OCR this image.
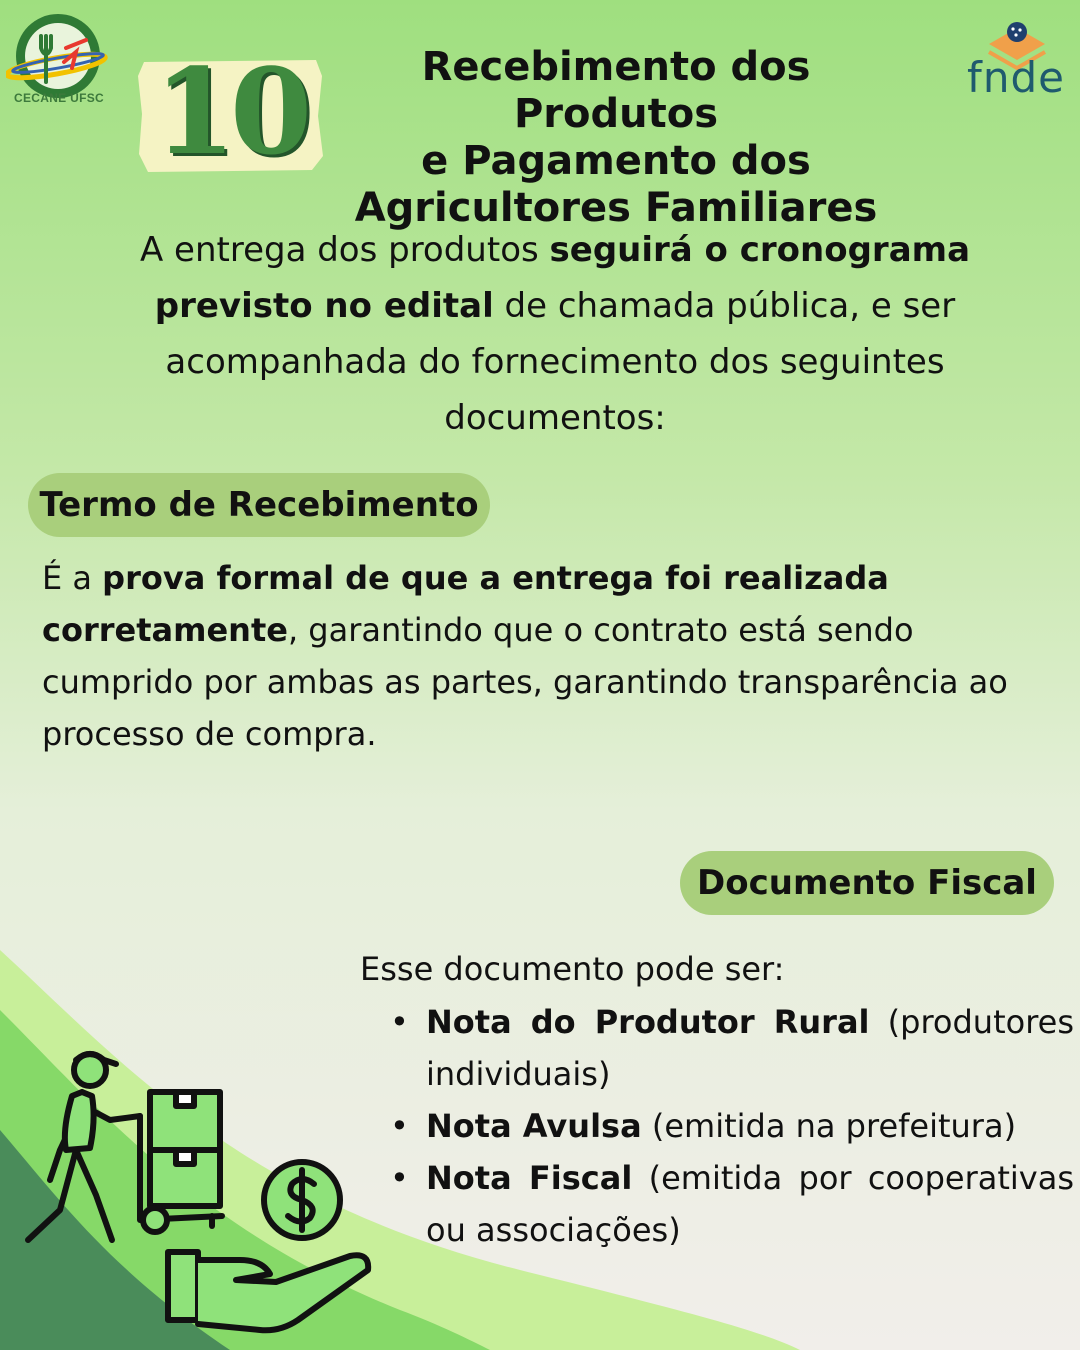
CECANE UFSC 10	Recebimento dos Produtos
e Pagamento dos
Agricultores Familiares
fnde
A entrega dos produtos seguirá o cronograma previsto no edital de chamada pública, e ser acompanhada do fornecimento dos seguintes documentos:
Termo de Recebimento
É a prova formal de que a entrega foi realizada corretamente, garantindo que o contrato está sendo cumprido por ambas as partes, garantindo transparência ao processo de compra.
Documento Fiscal
Esse documento pode ser:
• Nota do Produtor Rural (produtores individuais)
• Nota Avulsa (emitida na prefeitura)
• Nota Fiscal (emitida por cooperativas ou associações)
